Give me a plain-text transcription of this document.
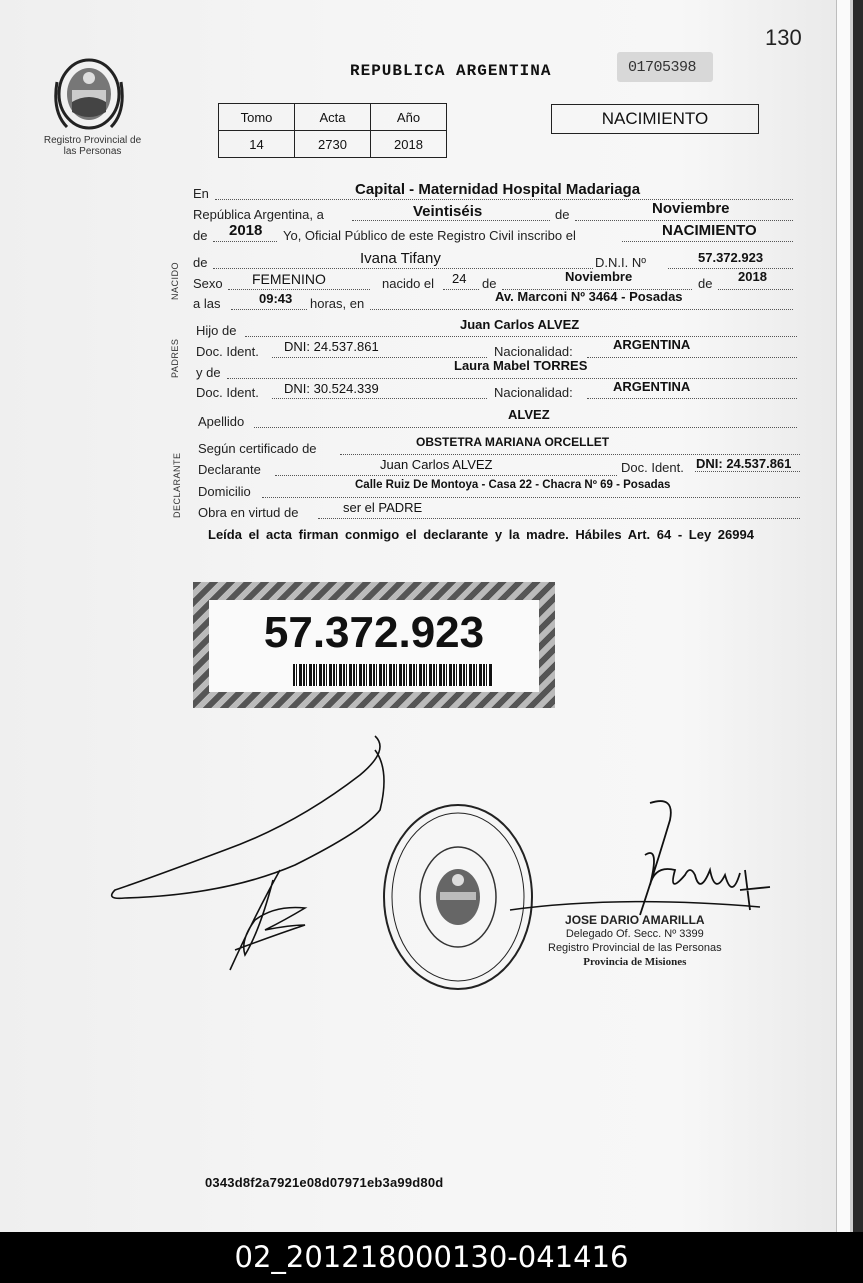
130
Registro Provincial de las Personas
REPUBLICA ARGENTINA	01705398
Tomo	Acta	Año
14	2730	2018
NACIMIENTO
NACIDO
PADRES
DECLARANTE
En	Capital - Maternidad Hospital Madariaga
República Argentina, a	Veintiséis	de	Noviembre
de 2018 Yo, Oficial Público de este Registro Civil inscribo el	NACIMIENTO
de	Ivana Tifany	D.N.I. Nº	57.372.923
Sexo FEMENINO	nacido el 24 de	Noviembre	de 2018
a las	09:43 horas, en	Av. Marconi Nº 3464 - Posadas
Hijo de	Juan Carlos ALVEZ
Doc. Ident. DNI: 24.537.861	Nacionalidad:	ARGENTINA
y de	Laura Mabel TORRES
Doc. Ident. DNI: 30.524.339	Nacionalidad:	ARGENTINA
Apellido	ALVEZ
Según certificado de	OBSTETRA MARIANA ORCELLET
Declarante	Juan Carlos ALVEZ	Doc. Ident. DNI: 24.537.861
Domicilio	Calle Ruiz De Montoya - Casa 22 - Chacra Nº 69 - Posadas
Obra en virtud de	ser el PADRE
Leída el acta firman conmigo el declarante y la madre. Hábiles Art. 64 - Ley 26994
57.372.923
JOSE DARIO AMARILLA
Delegado Of. Secc. Nº 3399
Registro Provincial de las Personas
Provincia de Misiones
0343d8f2a7921e08d07971eb3a99d80d
02_201218000130-041416
